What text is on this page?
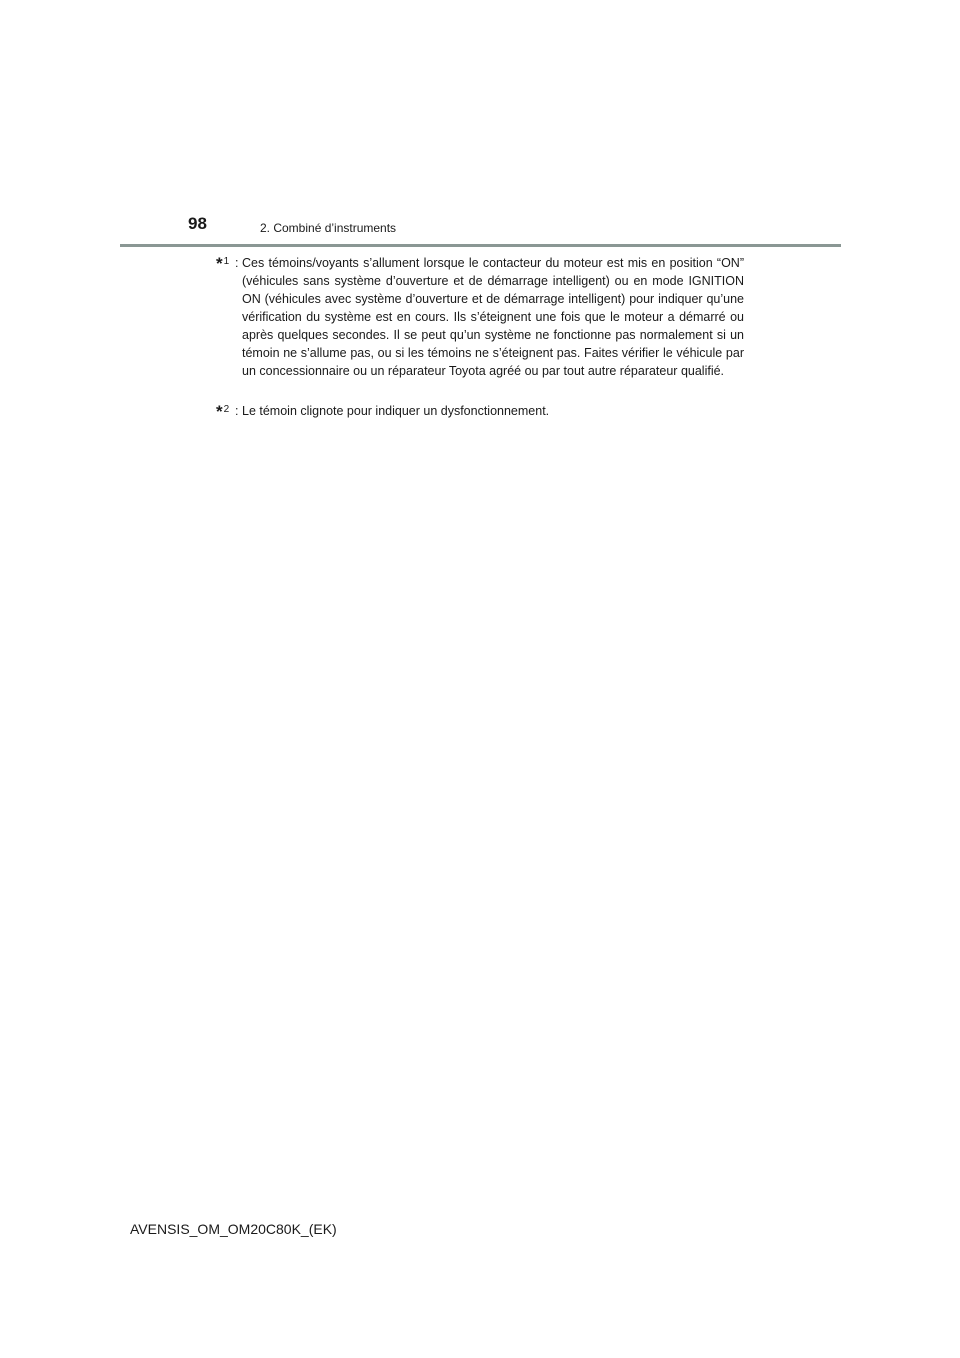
98	2. Combiné d’instruments
*$^1$ : Ces témoins/voyants s’allument lorsque le contacteur du moteur est mis en position “ON” (véhicules sans système d’ouverture et de démarrage intelligent) ou en mode IGNITION ON (véhicules avec système d’ouverture et de démarrage intelligent) pour indiquer qu’une vérification du système est en cours. Ils s’éteignent une fois que le moteur a démarré ou après quelques secondes. Il se peut qu’un système ne fonctionne pas normalement si un témoin ne s’allume pas, ou si les témoins ne s’éteignent pas. Faites vérifier le véhicule par un concessionnaire ou un réparateur Toyota agréé ou par tout autre réparateur qualifié.
*$^2$ : Le témoin clignote pour indiquer un dysfonctionnement.
AVENSIS_OM_OM20C80K_(EK)
